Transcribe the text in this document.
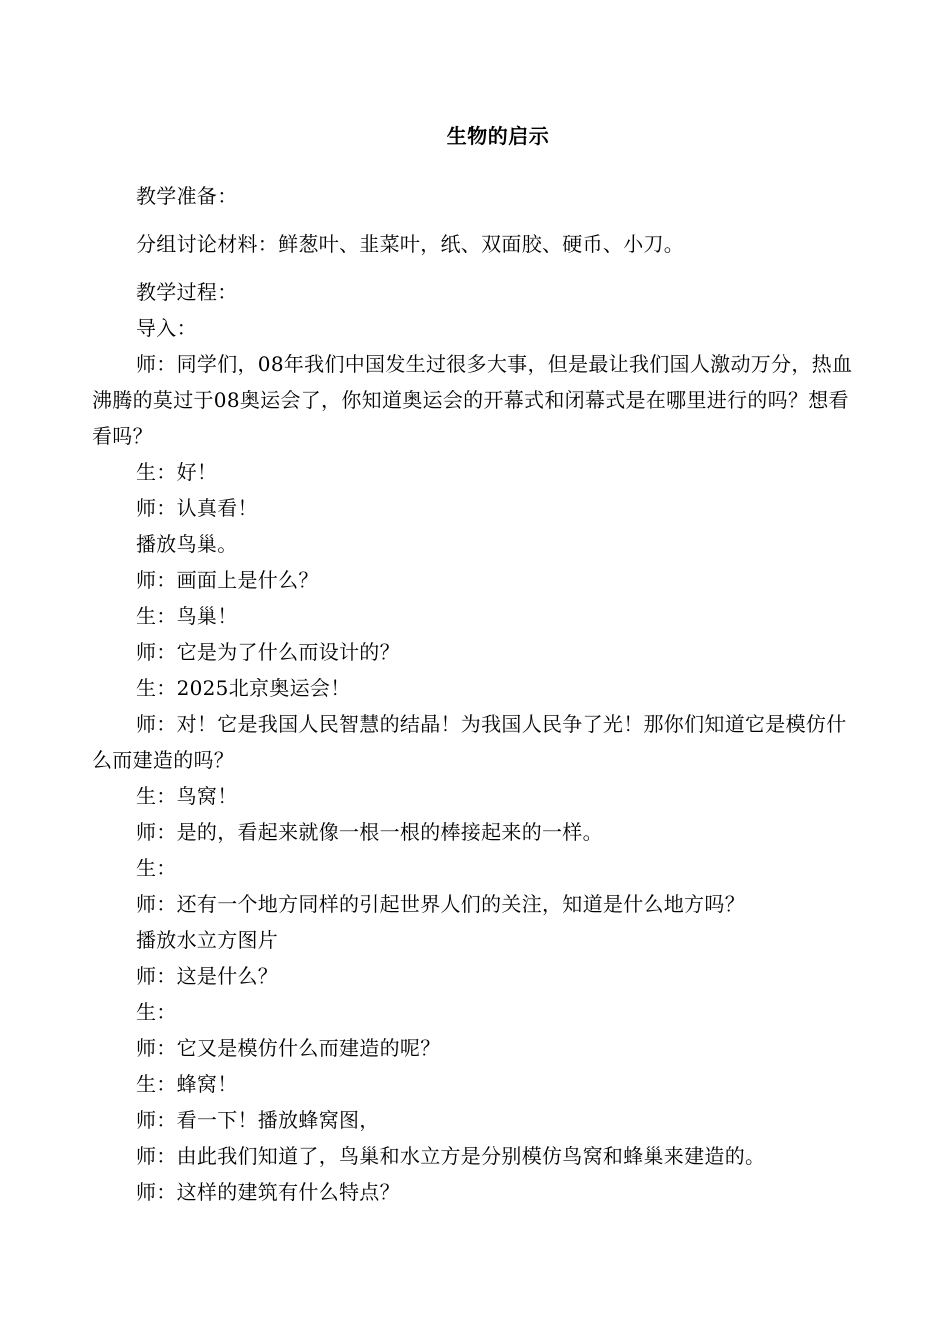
生物的启示

教学准备：

分组讨论材料：鲜葱叶、韭菜叶，纸、双面胶、硬币、小刀。

教学过程：

导入：

师：同学们，08年我们中国发生过很多大事，但是最让我们国人激动万分，热血沸腾的莫过于08奥运会了，你知道奥运会的开幕式和闭幕式是在哪里进行的吗？想看看吗？

生：好！

师：认真看！

播放鸟巢。

师：画面上是什么？

生：鸟巢！

师：它是为了什么而设计的？

生：2025北京奥运会！

师：对！它是我国人民智慧的结晶！为我国人民争了光！那你们知道它是模仿什么而建造的吗？

生：鸟窝！

师：是的，看起来就像一根一根的棒接起来的一样。

生：

师：还有一个地方同样的引起世界人们的关注，知道是什么地方吗？

播放水立方图片

师：这是什么？

生：

师：它又是模仿什么而建造的呢？

生：蜂窝！

师：看一下！播放蜂窝图，

师：由此我们知道了，鸟巢和水立方是分别模仿鸟窝和蜂巢来建造的。

师：这样的建筑有什么特点？
